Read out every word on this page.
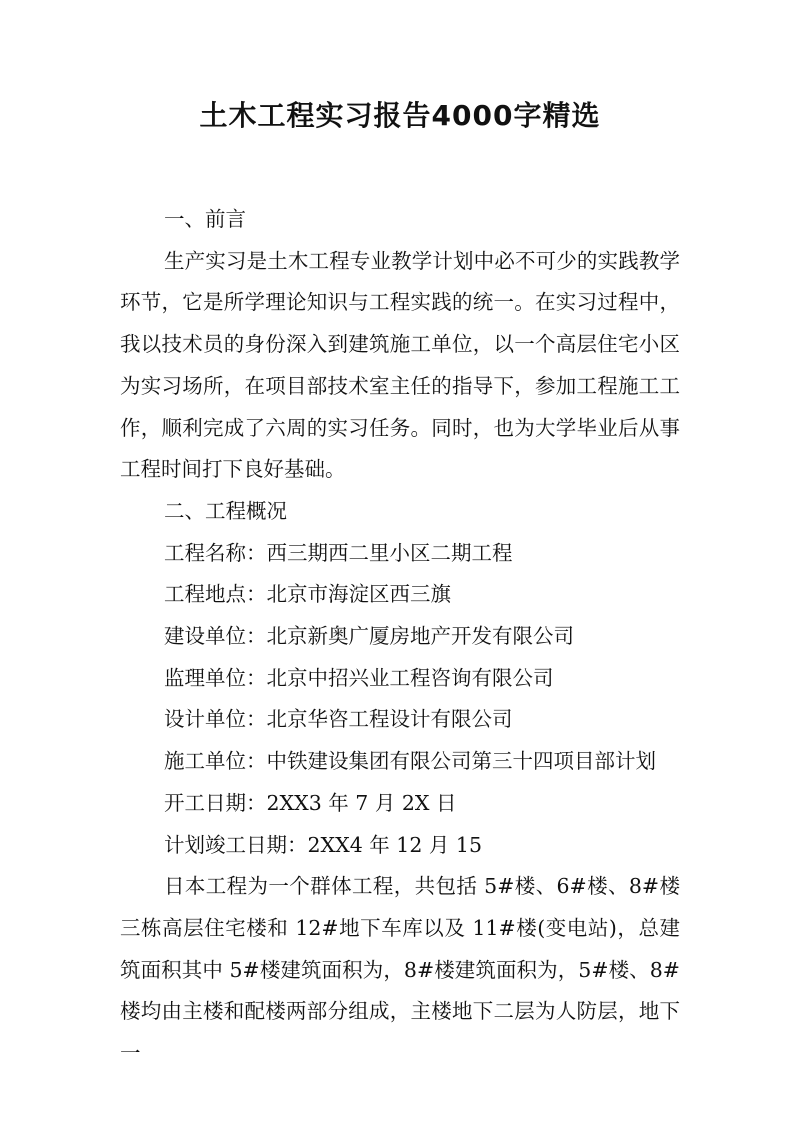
土木工程实习报告4000字精选

一、前言

生产实习是土木工程专业教学计划中必不可少的实践教学环节，它是所学理论知识与工程实践的统一。在实习过程中，我以技术员的身份深入到建筑施工单位，以一个高层住宅小区为实习场所，在项目部技术室主任的指导下，参加工程施工工作，顺利完成了六周的实习任务。同时，也为大学毕业后从事工程时间打下良好基础。

二、工程概况

工程名称：西三期西二里小区二期工程

工程地点：北京市海淀区西三旗

建设单位：北京新奥广厦房地产开发有限公司

监理单位：北京中招兴业工程咨询有限公司

设计单位：北京华咨工程设计有限公司

施工单位：中铁建设集团有限公司第三十四项目部计划

开工日期：2XX3 年 7 月 2X 日

计划竣工日期：2XX4 年 12 月 15

日本工程为一个群体工程，共包括 5#楼、6#楼、8#楼三栋高层住宅楼和 12#地下车库以及 11#楼(变电站)，总建筑面积其中 5#楼建筑面积为，8#楼建筑面积为，5#楼、8#楼均由主楼和配楼两部分组成，主楼地下二层为人防层，地下一
